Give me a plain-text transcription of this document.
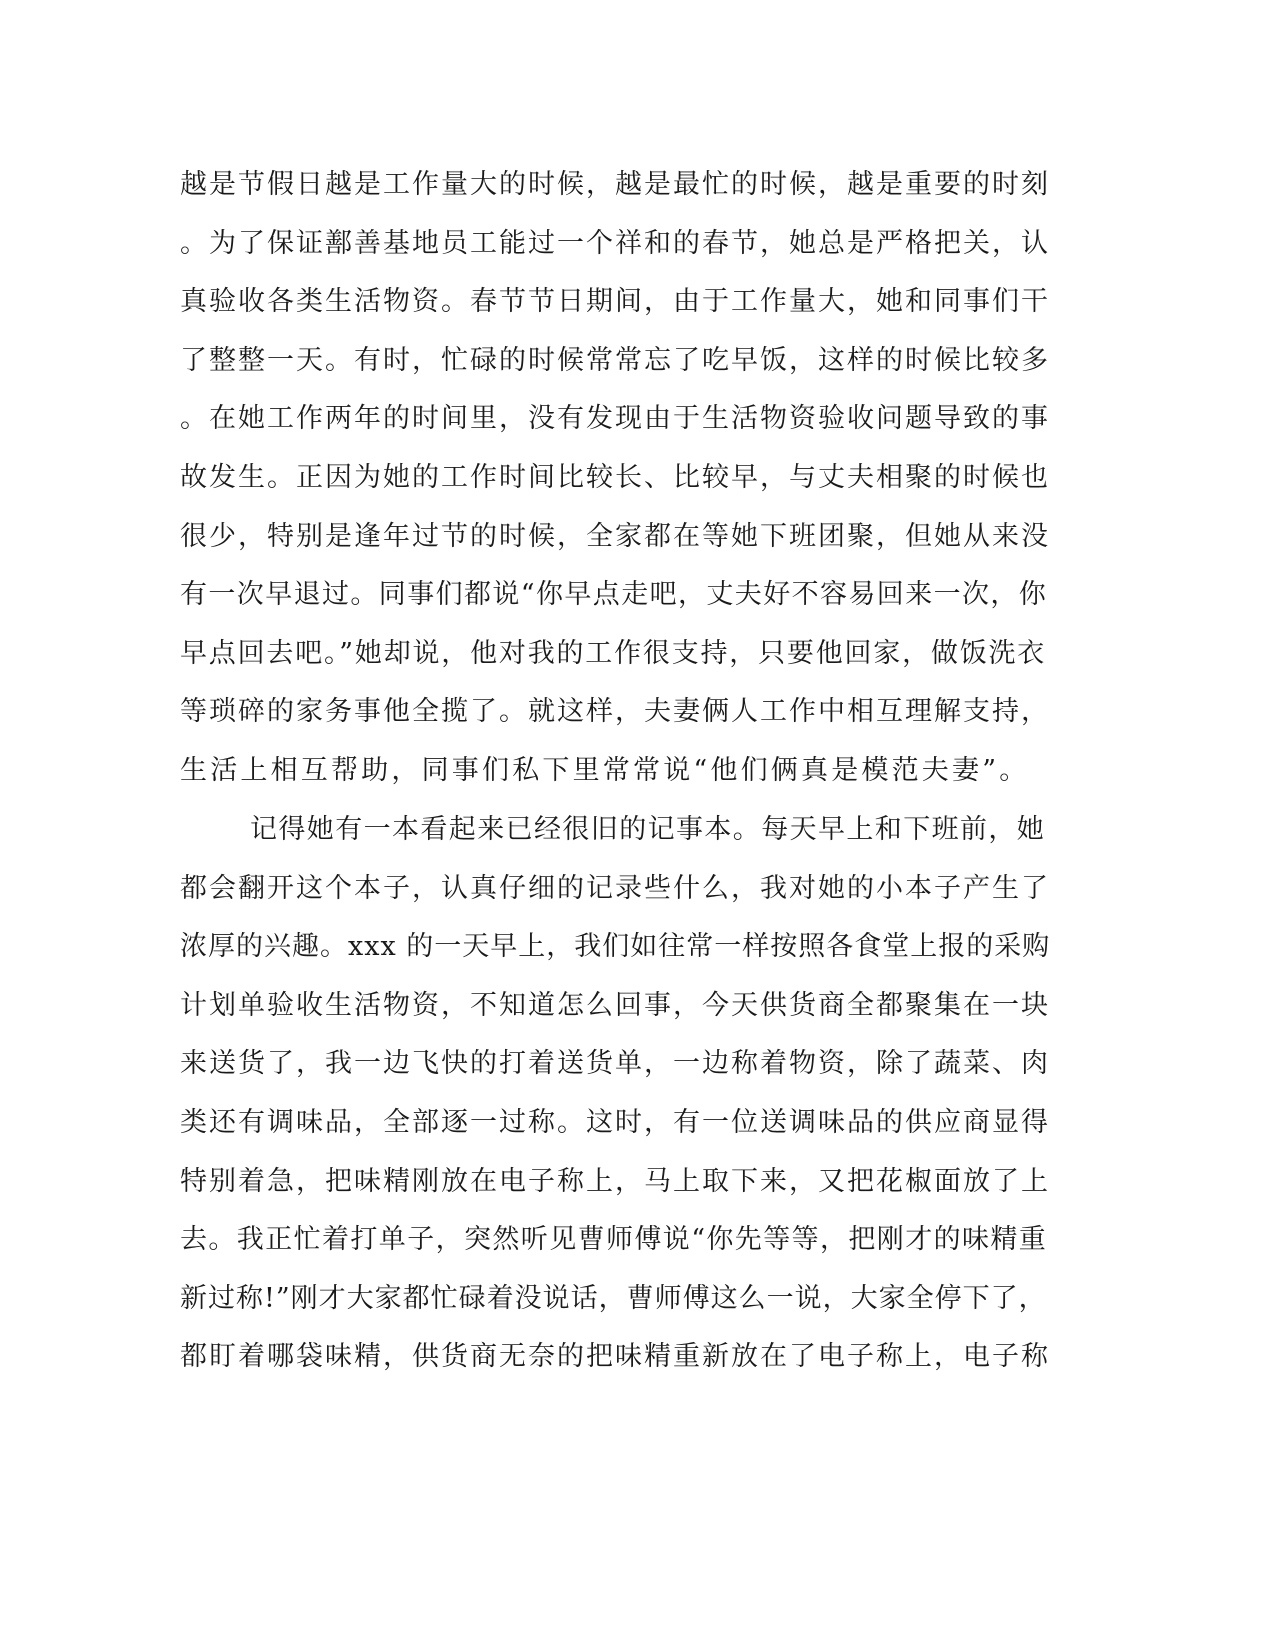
越是节假日越是工作量大的时候，越是最忙的时候，越是重要的时刻
。为了保证鄯善基地员工能过一个祥和的春节，她总是严格把关，认
真验收各类生活物资。春节节日期间，由于工作量大，她和同事们干
了整整一天。有时，忙碌的时候常常忘了吃早饭，这样的时候比较多
。在她工作两年的时间里，没有发现由于生活物资验收问题导致的事
故发生。正因为她的工作时间比较长、比较早，与丈夫相聚的时候也
很少，特别是逢年过节的时候，全家都在等她下班团聚，但她从来没
有一次早退过。同事们都说“你早点走吧，丈夫好不容易回来一次，你
早点回去吧。”她却说，他对我的工作很支持，只要他回家，做饭洗衣
等琐碎的家务事他全揽了。就这样，夫妻俩人工作中相互理解支持，
生活上相互帮助，同事们私下里常常说“他们俩真是模范夫妻”。
记得她有一本看起来已经很旧的记事本。每天早上和下班前，她
都会翻开这个本子，认真仔细的记录些什么，我对她的小本子产生了
浓厚的兴趣。xxx 的一天早上，我们如往常一样按照各食堂上报的采购
计划单验收生活物资，不知道怎么回事，今天供货商全都聚集在一块
来送货了，我一边飞快的打着送货单，一边称着物资，除了蔬菜、肉
类还有调味品，全部逐一过称。这时，有一位送调味品的供应商显得
特别着急，把味精刚放在电子称上，马上取下来，又把花椒面放了上
去。我正忙着打单子，突然听见曹师傅说“你先等等，把刚才的味精重
新过称!”刚才大家都忙碌着没说话，曹师傅这么一说，大家全停下了，
都盯着哪袋味精，供货商无奈的把味精重新放在了电子称上，电子称
